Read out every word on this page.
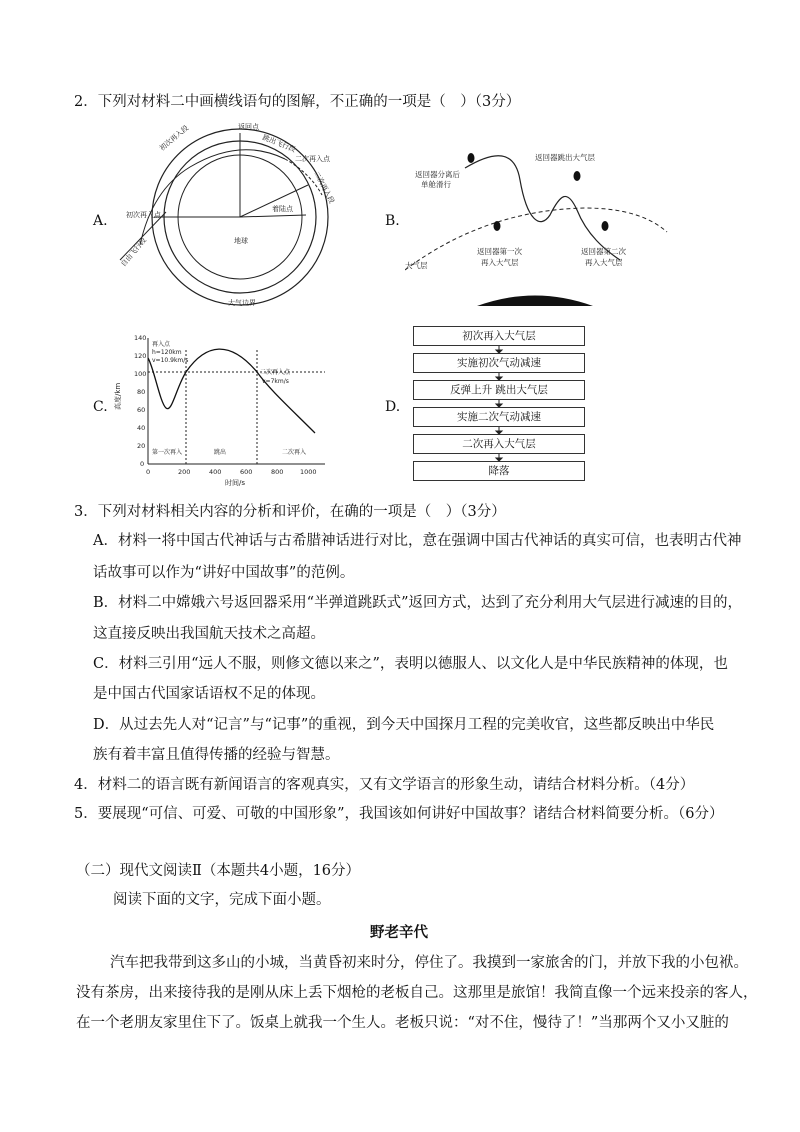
2．下列对材料二中画横线语句的图解，不正确的一项是（　）（3分）
A.
返回点
跳出飞行段
初次再入段
二次再入点
二次再入段
初次再入点
着陆点
地球
自由飞行段
大气边界
B.
返回器分离后
单舱滑行
返回器跳出大气层
返回器第一次
再入大气层
返回器第二次
再入大气层
大气层
C.
140
120
100
80
60
40
20
0
0	200	400	600	800	1000
高度/km
时间/s
再入点
h=120km
v=10.9km/s
二次再入点
v=7km/s
第一次再入	跳出	二次再入
D.
初次再入大气层
实施初次气动减速
反弹上升 跳出大气层
实施二次气动减速
二次再入大气层
降落
3．下列对材料相关内容的分析和评价，在确的一项是（　）（3分）
A．材料一将中国古代神话与古希腊神话进行对比，意在强调中国古代神话的真实可信，也表明古代神
话故事可以作为“讲好中国故事”的范例。
B．材料二中嫦娥六号返回器采用“半弹道跳跃式”返回方式，达到了充分利用大气层进行减速的目的，
这直接反映出我国航天技术之高超。
C．材料三引用“远人不服，则修文德以来之”，表明以德服人、以文化人是中华民族精神的体现，也
是中国古代国家话语权不足的体现。
D．从过去先人对“记言”与“记事”的重视，到今天中国探月工程的完美收官，这些都反映出中华民
族有着丰富且值得传播的经验与智慧。
4．材料二的语言既有新闻语言的客观真实，又有文学语言的形象生动，请结合材料分析。（4分）
5．要展现“可信、可爱、可敬的中国形象”，我国该如何讲好中国故事？诸结合材料简要分析。（6分）
（二）现代文阅读Ⅱ（本题共4小题，16分）
阅读下面的文字，完成下面小题。
野老辛代
汽车把我带到这多山的小城，当黄昏初来时分，停住了。我摸到一家旅舍的门，并放下我的小包袱。
没有茶房，出来接待我的是刚从床上丢下烟枪的老板自己。这那里是旅馆！我简直像一个远来投亲的客人，
在一个老朋友家里住下了。饭桌上就我一个生人。老板只说：“对不住，慢待了！”当那两个又小又脏的
